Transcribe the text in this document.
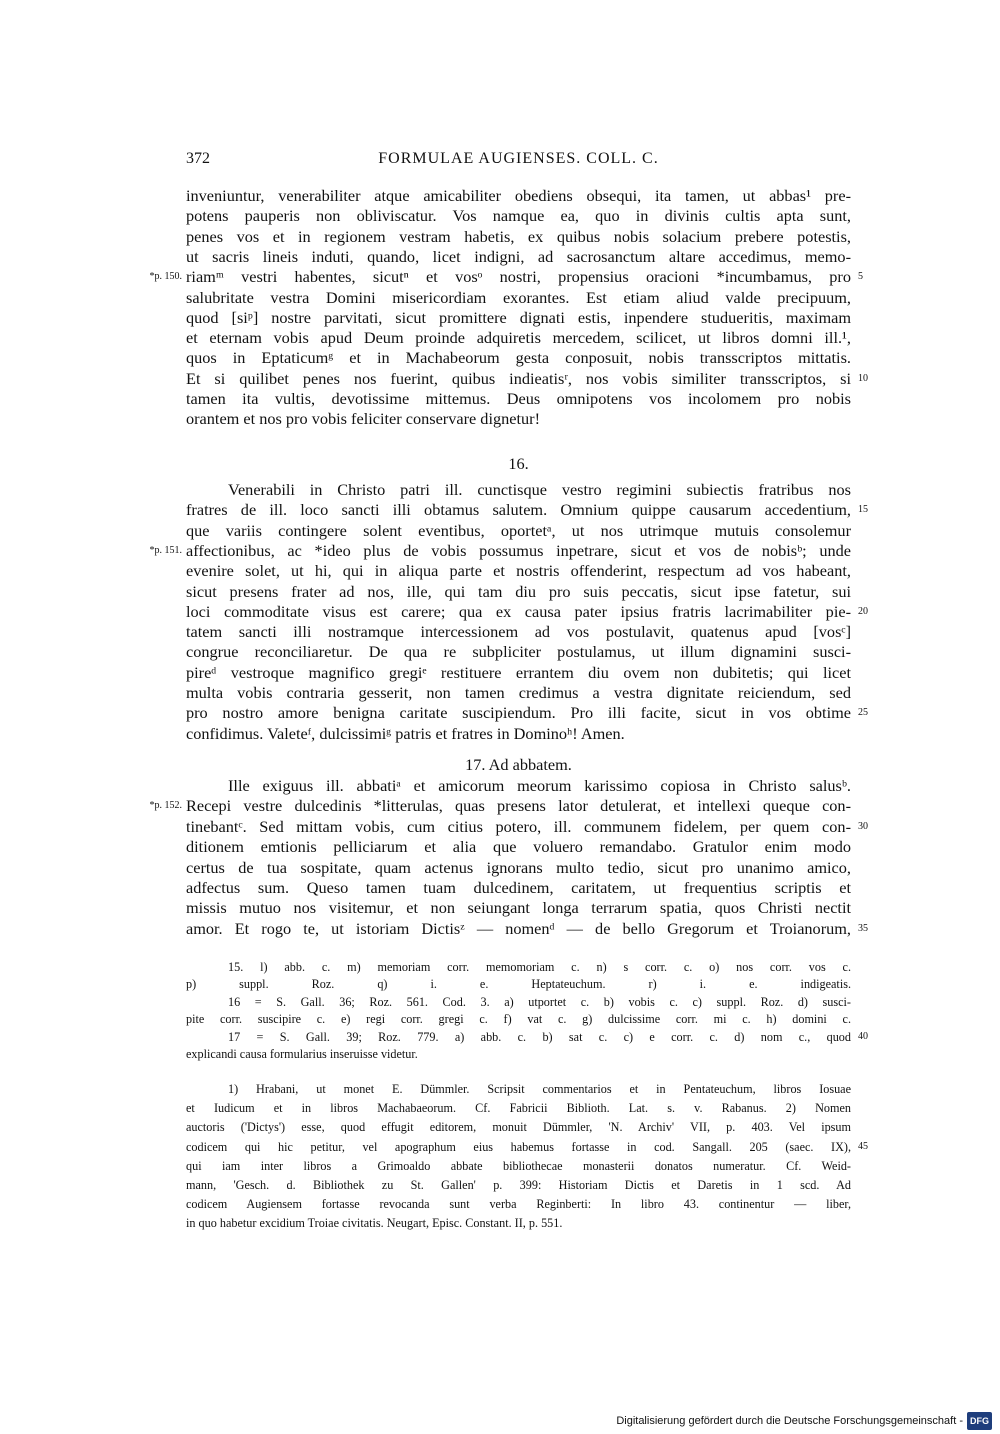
372	FORMULAE AUGIENSES. COLL. C.
inveniuntur, venerabiliter atque amicabiliter obediens obsequi, ita tamen, ut abbas¹ pre-
potens pauperis non obliviscatur. Vos namque ea, quo in divinis cultis apta sunt,
penes vos et in regionem vestram habetis, ex quibus nobis solacium prebere potestis,
ut sacris lineis induti, quando, licet indigni, ad sacrosanctum altare accedimus, memo-
riamᵐ vestri habentes, sicutⁿ et vosᵒ nostri, propensius oracioni *incumbamus, pro
*p. 150.	5
salubritate vestra Domini misericordiam exorantes. Est etiam aliud valde precipuum,
quod [siᵖ] nostre parvitati, sicut promittere dignati estis, inpendere studueritis, maximam
et eternam vobis apud Deum proinde adquiretis mercedem, scilicet, ut libros domni ill.¹,
quos in Eptaticumᵍ et in Machabeorum gesta conposuit, nobis transscriptos mittatis.
Et si quilibet penes nos fuerint, quibus indieatisʳ, nos vobis similiter transscriptos, si 10
tamen ita vultis, devotissime mittemus. Deus omnipotens vos incolomem pro nobis
orantem et nos pro vobis feliciter conservare dignetur!
16.
Venerabili in Christo patri ill. cunctisque vestro regimini subiectis fratribus nos
fratres de ill. loco sancti illi obtamus salutem. Omnium quippe causarum accedentium, 15
que variis contingere solent eventibus, oportetᵃ, ut nos utrimque mutuis consolemur
affectionibus, ac *ideo plus de vobis possumus inpetrare, sicut et vos de nobisᵇ; unde
*p. 151.
evenire solet, ut hi, qui in aliqua parte et nostris offenderint, respectum ad vos habeant,
sicut presens frater ad nos, ille, qui tam diu pro suis peccatis, sicut ipse fatetur, sui
loci commoditate visus est carere; qua ex causa pater ipsius fratris lacrimabiliter pie- 20
tatem sancti illi nostramque intercessionem ad vos postulavit, quatenus apud [vosᶜ]
congrue reconciliaretur. De qua re subpliciter postulamus, ut illum dignamini susci-
pireᵈ vestroque magnifico gregiᵉ restituere errantem diu ovem non dubitetis; qui licet
multa vobis contraria gesserit, non tamen credimus a vestra dignitate reiciendum, sed
pro nostro amore benigna caritate suscipiendum. Pro illi facite, sicut in vos obtime 25
confidimus. Valeteᶠ, dulcissimiᵍ patris et fratres in Dominoʰ! Amen.
17. Ad abbatem.
Ille exiguus ill. abbatiᵃ et amicorum meorum karissimo copiosa in Christo salusᵇ.
Recepi vestre dulcedinis *litterulas, quas presens lator detulerat, et intellexi queque con-
*p. 152.
tinebantᶜ. Sed mittam vobis, cum citius potero, ill. communem fidelem, per quem con- 30
ditionem emtionis pelliciarum et alia que voluero remandabo. Gratulor enim modo
certus de tua sospitate, quam actenus ignorans multo tedio, sicut pro unanimo amico,
adfectus sum. Queso tamen tuam dulcedinem, caritatem, ut frequentius scriptis et
missis mutuo nos visitemur, et non seiungant longa terrarum spatia, quos Christi nectit
amor. Et rogo te, ut istoriam Dictisᶻ — nomenᵈ — de bello Gregorum et Troianorum, 35
15. l) abb. c. m) memoriam corr. memomoriam c. n) s corr. c. o) nos corr. vos c.
p) suppl. Roz. q) i. e. Heptateuchum. r) i. e. indigeatis.
16 = S. Gall. 36; Roz. 561. Cod. 3. a) utportet c. b) vobis c. c) suppl. Roz. d) susci-
pite corr. suscipire c. e) regi corr. gregi c. f) vat c. g) dulcissime corr. mi c. h) domini c.
17 = S. Gall. 39; Roz. 779. a) abb. c. b) sat c. c) e corr. c. d) nom c., quod 40
explicandi causa formularius inseruisse videtur.
1) Hrabani, ut monet E. Dümmler. Scripsit commentarios et in Pentateuchum, libros Iosuae
et Iudicum et in libros Machabaeorum. Cf. Fabricii Biblioth. Lat. s. v. Rabanus. 2) Nomen
auctoris ('Dictys') esse, quod effugit editorem, monuit Dümmler, 'N. Archiv' VII, p. 403. Vel ipsum
codicem qui hic petitur, vel apographum eius habemus fortasse in cod. Sangall. 205 (saec. IX), 45
qui iam inter libros a Grimoaldo abbate bibliothecae monasterii donatos numeratur. Cf. Weid-
mann, 'Gesch. d. Bibliothek zu St. Gallen' p. 399: Historiam Dictis et Daretis in 1 scd. Ad
codicem Augiensem fortasse revocanda sunt verba Reginberti: In libro 43. continentur — liber,
in quo habetur excidium Troiae civitatis. Neugart, Episc. Constant. II, p. 551.
Digitalisierung gefördert durch die Deutsche Forschungsgemeinschaft - DFG
